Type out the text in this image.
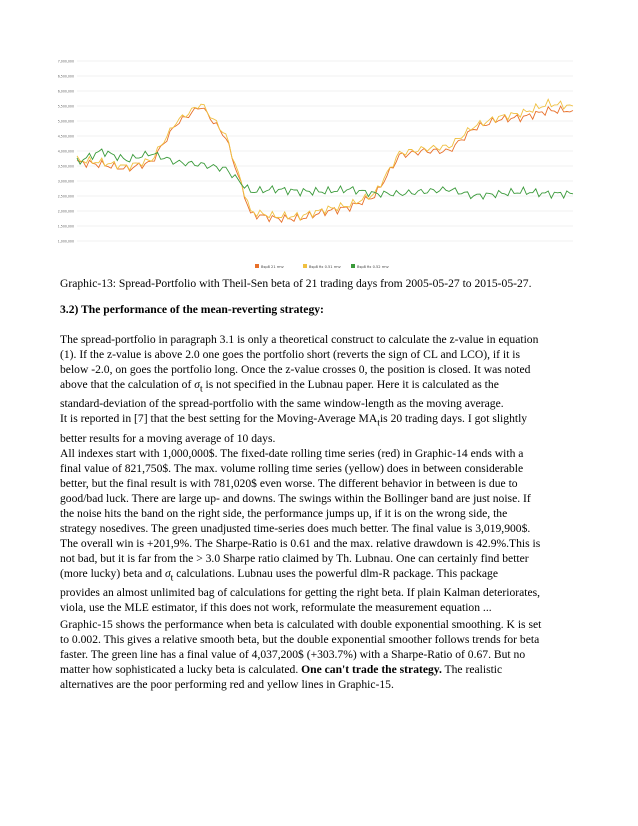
7,000,000
6,500,000
6,000,000
5,500,000
5,000,000
4,500,000
4,000,000
3,500,000
3,000,000
2,500,000
2,000,000
1,500,000
1,000,000
Bsp8 21 rmv	Bsp8 fix 0.51 rmv	Bsp8 fix 0.52 rmv
Graphic-13: Spread-Portfolio with Theil-Sen beta of 21 trading days from 2005-05-27 to 2015-05-27.
3.2) The performance of the mean-reverting strategy:

The spread-portfolio in paragraph 3.1 is only a theoretical construct to calculate the z-value in equation

(1). If the z-value is above 2.0 one goes the portfolio short (reverts the sign of CL and LCO), if it is

below -2.0, on goes the portfolio long. Once the z-value crosses 0, the position is closed. It was noted

above that the calculation of $\sigma_t$ is not specified in the Lubnau paper. Here it is calculated as the

standard-deviation of the spread-portfolio with the same window-length as the moving average.

It is reported in [7] that the best setting for the Moving-Average $MA_tis$ 20 trading days. I got slightly

better results for a moving average of 10 days.

All indexes start with 1,000,000$. The fixed-date rolling time series (red) in Graphic-14 ends with a

final value of 821,750$. The max. volume rolling time series (yellow) does in between considerable

better, but the final result is with 781,020$ even worse. The different behavior in between is due to

good/bad luck. There are large up- and downs. The swings within the Bollinger band are just noise. If

the noise hits the band on the right side, the performance jumps up, if it is on the wrong side, the

strategy nosedives. The green unadjusted time-series does much better. The final value is 3,019,900$.

The overall win is +201,9%. The Sharpe-Ratio is 0.61 and the max. relative drawdown is 42.9%.This is

not bad, but it is far from the > 3.0 Sharpe ratio claimed by Th. Lubnau. One can certainly find better

(more lucky) beta and $\sigma_t$ calculations. Lubnau uses the powerful dlm-R package. This package

provides an almost unlimited bag of calculations for getting the right beta. If plain Kalman deteriorates,

viola, use the MLE estimator, if this does not work, reformulate the measurement equation ...

Graphic-15 shows the performance when beta is calculated with double exponential smoothing. K is set

to 0.002. This gives a relative smooth beta, but the double exponential smoother follows trends for beta

faster. The green line has a final value of 4,037,200$ (+303.7%) with a Sharpe-Ratio of 0.67. But no

matter how sophisticated a lucky beta is calculated. One can't trade the strategy. The realistic

alternatives are the poor performing red and yellow lines in Graphic-15.
